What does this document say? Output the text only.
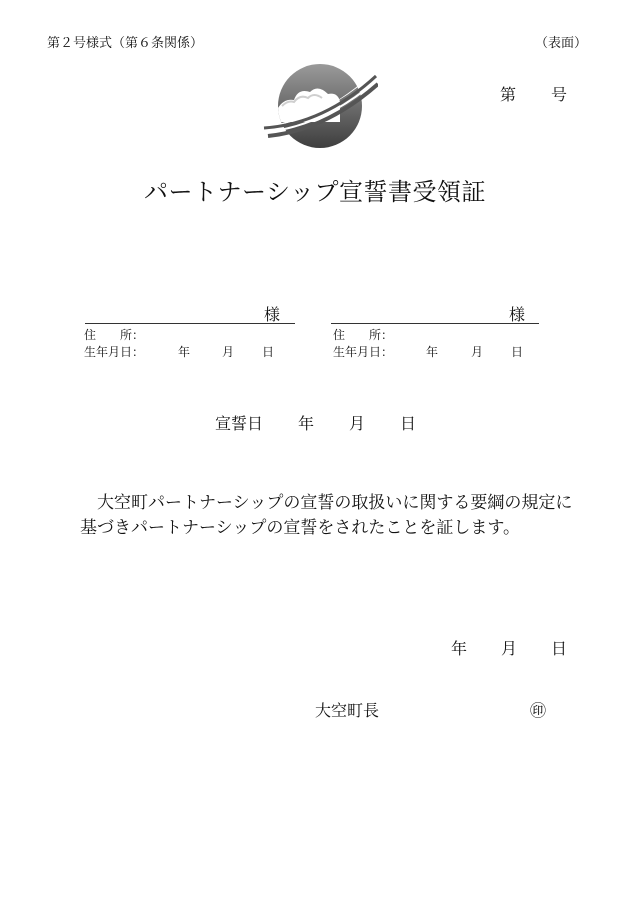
第２号様式（第６条関係）	（表面）
第 号
パートナーシップ宣誓書受領証
様
住　　所：
生年月日：	年	月 日
様
住　　所：
生年月日：	年	月 日
宣誓日 年 月 日
大空町パートナーシップの宣誓の取扱いに関する要綱の規定に
基づきパートナーシップの宣誓をされたことを証します。
年 月 日
大空町長	㊞
